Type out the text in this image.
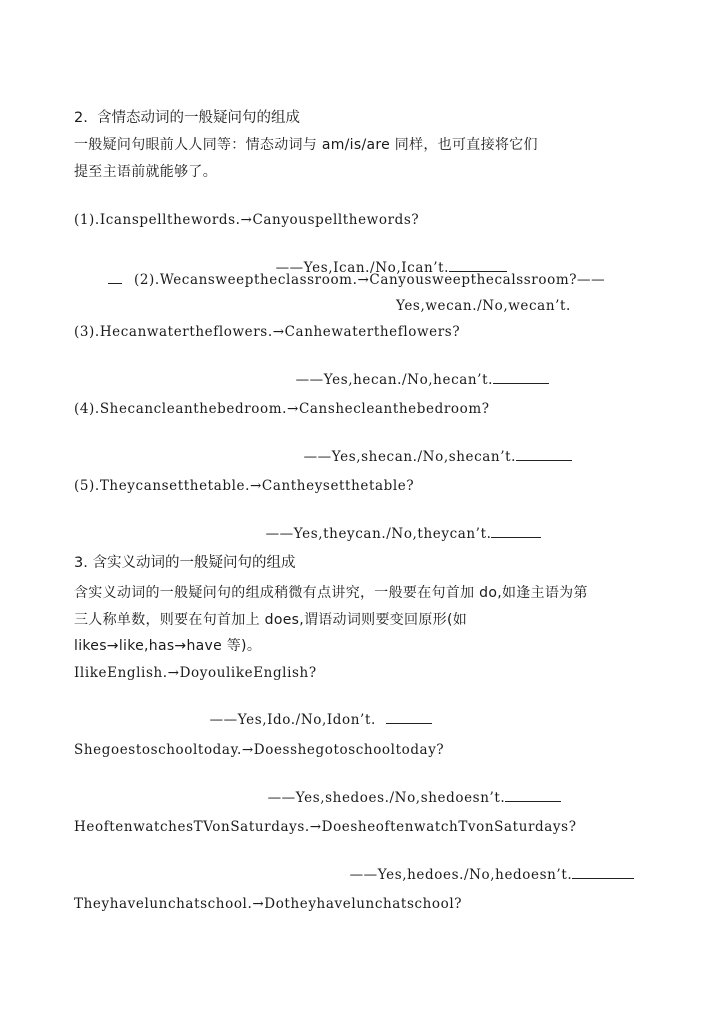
2.  含情态动词的一般疑问句的组成
一般疑问句眼前人人同等：情态动词与 am/is/are 同样，也可直接将它们
提至主语前就能够了。
(1).Icanspellthewords.→Canyouspellthewords?

——Yes,Ican./No,Ican’t.

(2).Wecansweeptheclassroom.→Canyousweepthecalssroom?——
Yes,wecan./No,wecan’t.
(3).Hecanwatertheflowers.→Canhewatertheflowers?

——Yes,hecan./No,hecan’t.

(4).Shecancleanthebedroom.→Canshecleanthebedroom?

——Yes,shecan./No,shecan’t.

(5).Theycansetthetable.→Cantheysetthetable?

——Yes,theycan./No,theycan’t.

3. 含实义动词的一般疑问句的组成
含实义动词的一般疑问句的组成稍微有点讲究，一般要在句首加 do,如逢主语为第
三人称单数，则要在句首加上 does,谓语动词则要变回原形(如
likes→like,has→have 等)。
IlikeEnglish.→DoyoulikeEnglish?

——Yes,Ido./No,Idon’t.

Shegoestoschooltoday.→Doesshegotoschooltoday?

——Yes,shedoes./No,shedoesn’t.

HeoftenwatchesTVonSaturdays.→DoesheoftenwatchTvonSaturdays?

——Yes,hedoes./No,hedoesn’t.

Theyhavelunchatschool.→Dotheyhavelunchatschool?
